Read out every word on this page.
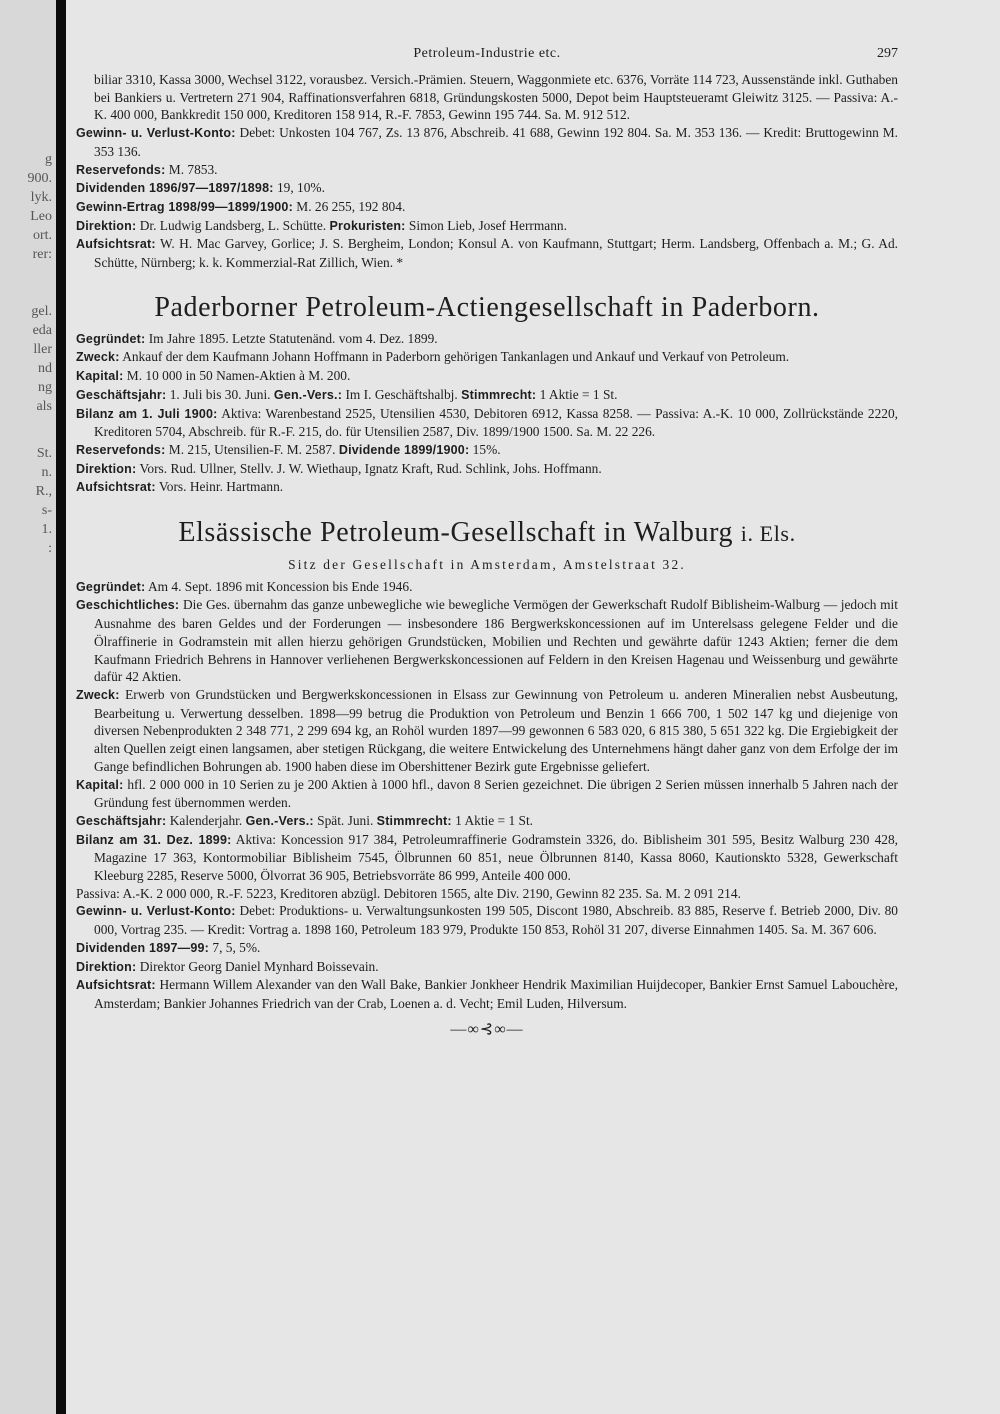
g
900.
lyk.
Leo
ort.
rer:
gel.
eda
ller
nd
ng
als
St.
n.
R.,
s-
1.
:
Petroleum-Industrie etc.	297

biliar 3310, Kassa 3000, Wechsel 3122, vorausbez. Versich.-Prämien. Steuern, Waggonmiete etc. 6376, Vorräte 114 723, Aussenstände inkl. Guthaben bei Bankiers u. Vertretern 271 904, Raffinationsverfahren 6818, Gründungskosten 5000, Depot beim Hauptsteueramt Gleiwitz 3125. — Passiva: A.-K. 400 000, Bankkredit 150 000, Kreditoren 158 914, R.-F. 7853, Gewinn 195 744. Sa. M. 912 512.

Gewinn- u. Verlust-Konto: Debet: Unkosten 104 767, Zs. 13 876, Abschreib. 41 688, Gewinn 192 804. Sa. M. 353 136. — Kredit: Bruttogewinn M. 353 136.

Reservefonds: M. 7853.

Dividenden 1896/97—1897/1898: 19, 10%.

Gewinn-Ertrag 1898/99—1899/1900: M. 26 255, 192 804.

Direktion: Dr. Ludwig Landsberg, L. Schütte. Prokuristen: Simon Lieb, Josef Herrmann.

Aufsichtsrat: W. H. Mac Garvey, Gorlice; J. S. Bergheim, London; Konsul A. von Kaufmann, Stuttgart; Herm. Landsberg, Offenbach a. M.; G. Ad. Schütte, Nürnberg; k. k. Kommerzial-Rat Zillich, Wien. *

Paderborner Petroleum-Actiengesellschaft in Paderborn.

Gegründet: Im Jahre 1895. Letzte Statutenänd. vom 4. Dez. 1899.

Zweck: Ankauf der dem Kaufmann Johann Hoffmann in Paderborn gehörigen Tankanlagen und Ankauf und Verkauf von Petroleum.

Kapital: M. 10 000 in 50 Namen-Aktien à M. 200.

Geschäftsjahr: 1. Juli bis 30. Juni. Gen.-Vers.: Im I. Geschäftshalbj. Stimmrecht: 1 Aktie = 1 St.

Bilanz am 1. Juli 1900: Aktiva: Warenbestand 2525, Utensilien 4530, Debitoren 6912, Kassa 8258. — Passiva: A.-K. 10 000, Zollrückstände 2220, Kreditoren 5704, Abschreib. für R.-F. 215, do. für Utensilien 2587, Div. 1899/1900 1500. Sa. M. 22 226.

Reservefonds: M. 215, Utensilien-F. M. 2587. Dividende 1899/1900: 15%.

Direktion: Vors. Rud. Ullner, Stellv. J. W. Wiethaup, Ignatz Kraft, Rud. Schlink, Johs. Hoffmann.

Aufsichtsrat: Vors. Heinr. Hartmann.

Elsässische Petroleum-Gesellschaft in Walburg i. Els.
Sitz der Gesellschaft in Amsterdam, Amstelstraat 32.

Gegründet: Am 4. Sept. 1896 mit Koncession bis Ende 1946.

Geschichtliches: Die Ges. übernahm das ganze unbewegliche wie bewegliche Vermögen der Gewerkschaft Rudolf Biblisheim-Walburg — jedoch mit Ausnahme des baren Geldes und der Forderungen — insbesondere 186 Bergwerkskoncessionen auf im Unterelsass gelegene Felder und die Ölraffinerie in Godramstein mit allen hierzu gehörigen Grundstücken, Mobilien und Rechten und gewährte dafür 1243 Aktien; ferner die dem Kaufmann Friedrich Behrens in Hannover verliehenen Bergwerkskoncessionen auf Feldern in den Kreisen Hagenau und Weissenburg und gewährte dafür 42 Aktien.

Zweck: Erwerb von Grundstücken und Bergwerkskoncessionen in Elsass zur Gewinnung von Petroleum u. anderen Mineralien nebst Ausbeutung, Bearbeitung u. Verwertung desselben. 1898—99 betrug die Produktion von Petroleum und Benzin 1 666 700, 1 502 147 kg und diejenige von diversen Nebenprodukten 2 348 771, 2 299 694 kg, an Rohöl wurden 1897—99 gewonnen 6 583 020, 6 815 380, 5 651 322 kg. Die Ergiebigkeit der alten Quellen zeigt einen langsamen, aber stetigen Rückgang, die weitere Entwickelung des Unternehmens hängt daher ganz von dem Erfolge der im Gange befindlichen Bohrungen ab. 1900 haben diese im Obershittener Bezirk gute Ergebnisse geliefert.

Kapital: hfl. 2 000 000 in 10 Serien zu je 200 Aktien à 1000 hfl., davon 8 Serien gezeichnet. Die übrigen 2 Serien müssen innerhalb 5 Jahren nach der Gründung fest übernommen werden.

Geschäftsjahr: Kalenderjahr. Gen.-Vers.: Spät. Juni. Stimmrecht: 1 Aktie = 1 St.

Bilanz am 31. Dez. 1899: Aktiva: Koncession 917 384, Petroleumraffinerie Godramstein 3326, do. Biblisheim 301 595, Besitz Walburg 230 428, Magazine 17 363, Kontormobiliar Biblisheim 7545, Ölbrunnen 60 851, neue Ölbrunnen 8140, Kassa 8060, Kautionskto 5328, Gewerkschaft Kleeburg 2285, Reserve 5000, Ölvorrat 36 905, Betriebsvorräte 86 999, Anteile 400 000.

Passiva: A.-K. 2 000 000, R.-F. 5223, Kreditoren abzügl. Debitoren 1565, alte Div. 2190, Gewinn 82 235. Sa. M. 2 091 214.

Gewinn- u. Verlust-Konto: Debet: Produktions- u. Verwaltungsunkosten 199 505, Discont 1980, Abschreib. 83 885, Reserve f. Betrieb 2000, Div. 80 000, Vortrag 235. — Kredit: Vortrag a. 1898 160, Petroleum 183 979, Produkte 150 853, Rohöl 31 207, diverse Einnahmen 1405. Sa. M. 367 606.

Dividenden 1897—99: 7, 5, 5%.

Direktion: Direktor Georg Daniel Mynhard Boissevain.

Aufsichtsrat: Hermann Willem Alexander van den Wall Bake, Bankier Jonkheer Hendrik Maximilian Huijdecoper, Bankier Ernst Samuel Labouchère, Amsterdam; Bankier Johannes Friedrich van der Crab, Loenen a. d. Vecht; Emil Luden, Hilversum.

—∞⊰∞—
